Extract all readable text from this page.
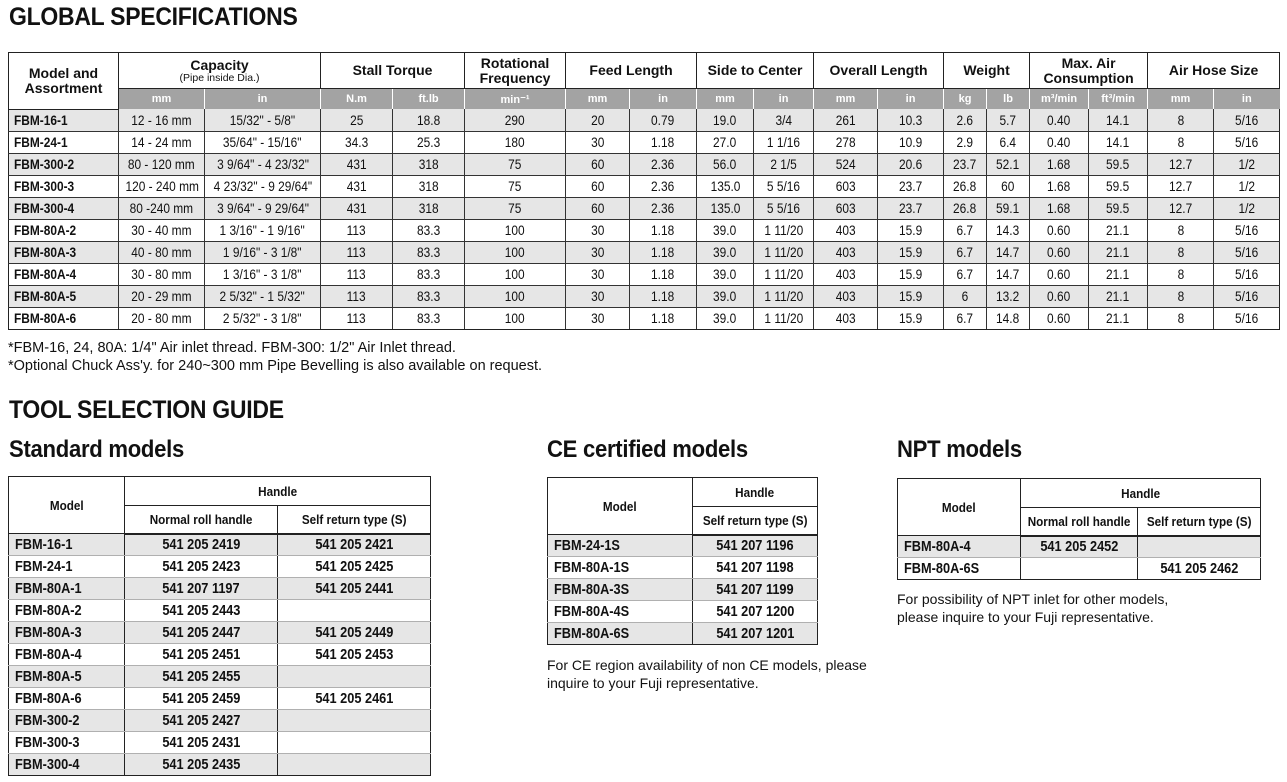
GLOBAL SPECIFICATIONS
Model and Assortment	Capacity
(Pipe inside Dia.)		Stall Torque		Rotational Frequency	Feed Length		Side to Center		Overall Length		Weight		Max. Air Consumption		Air Hose Size	
	mm	in	N.m	ft.lb	min⁻¹	mm	in	mm	in	mm	in	kg	lb	m³/min	ft³/min	mm	in
FBM-16-1	12 - 16 mm	15/32" - 5/8"	25	18.8	290	20	0.79	19.0	3/4	261	10.3	2.6	5.7	0.40	14.1	8	5/16
FBM-24-1	14 - 24 mm	35/64" - 15/16"	34.3	25.3	180	30	1.18	27.0	1 1/16	278	10.9	2.9	6.4	0.40	14.1	8	5/16
FBM-300-2	80 - 120 mm	3 9/64" - 4 23/32"	431	318	75	60	2.36	56.0	2 1/5	524	20.6	23.7	52.1	1.68	59.5	12.7	1/2
FBM-300-3	120 - 240 mm	4 23/32" - 9 29/64"	431	318	75	60	2.36	135.0	5 5/16	603	23.7	26.8	60	1.68	59.5	12.7	1/2
FBM-300-4	80 -240 mm	3 9/64" - 9 29/64"	431	318	75	60	2.36	135.0	5 5/16	603	23.7	26.8	59.1	1.68	59.5	12.7	1/2
FBM-80A-2	30 - 40 mm	1 3/16" - 1 9/16"	113	83.3	100	30	1.18	39.0	1 11/20	403	15.9	6.7	14.3	0.60	21.1	8	5/16
FBM-80A-3	40 - 80 mm	1 9/16" - 3 1/8"	113	83.3	100	30	1.18	39.0	1 11/20	403	15.9	6.7	14.7	0.60	21.1	8	5/16
FBM-80A-4	30 - 80 mm	1 3/16" - 3 1/8"	113	83.3	100	30	1.18	39.0	1 11/20	403	15.9	6.7	14.7	0.60	21.1	8	5/16
FBM-80A-5	20 - 29 mm	2 5/32" - 1 5/32"	113	83.3	100	30	1.18	39.0	1 11/20	403	15.9	6	13.2	0.60	21.1	8	5/16
FBM-80A-6	20 - 80 mm	2 5/32" - 3 1/8"	113	83.3	100	30	1.18	39.0	1 11/20	403	15.9	6.7	14.8	0.60	21.1	8	5/16
*FBM-16, 24, 80A: 1/4" Air inlet thread. FBM-300: 1/2" Air Inlet thread.
*Optional Chuck Ass'y. for 240~300 mm Pipe Bevelling is also available on request.
TOOL SELECTION GUIDE
Standard models
Model	Handle	
	Normal roll handle	Self return type (S)
FBM-16-1	541 205 2419	541 205 2421
FBM-24-1	541 205 2423	541 205 2425
FBM-80A-1	541 207 1197	541 205 2441
FBM-80A-2	541 205 2443	
FBM-80A-3	541 205 2447	541 205 2449
FBM-80A-4	541 205 2451	541 205 2453
FBM-80A-5	541 205 2455	
FBM-80A-6	541 205 2459	541 205 2461
FBM-300-2	541 205 2427	
FBM-300-3	541 205 2431	
FBM-300-4	541 205 2435	
CE certified models
Model	Handle
	Self return type (S)
FBM-24-1S	541 207 1196
FBM-80A-1S	541 207 1198
FBM-80A-3S	541 207 1199
FBM-80A-4S	541 207 1200
FBM-80A-6S	541 207 1201
For CE region availability of non CE models, please
inquire to your Fuji representative.
NPT models
Model	Handle	
	Normal roll handle	Self return type (S)
FBM-80A-4	541 205 2452	
FBM-80A-6S		541 205 2462
For possibility of NPT inlet for other models,
please inquire to your Fuji representative.
